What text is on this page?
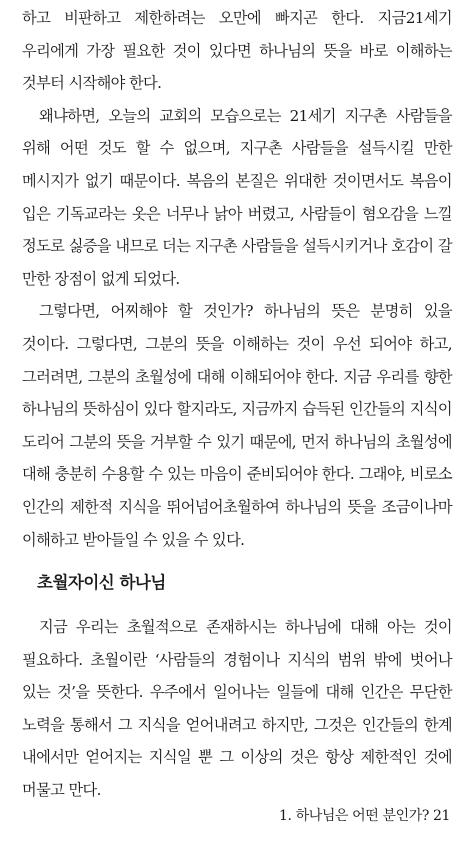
하고 비판하고 제한하려는 오만에 빠지곤 한다. 지금21세기 우리에게 가장 필요한 것이 있다면 하나님의 뜻을 바로 이해하는 것부터 시작해야 한다.

왜냐하면, 오늘의 교회의 모습으로는 21세기 지구촌 사람들을 위해 어떤 것도 할 수 없으며, 지구촌 사람들을 설득시킬 만한 메시지가 없기 때문이다. 복음의 본질은 위대한 것이면서도 복음이 입은 기독교라는 옷은 너무나 낡아 버렸고, 사람들이 혐오감을 느낄 정도로 싫증을 내므로 더는 지구촌 사람들을 설득시키거나 호감이 갈 만한 장점이 없게 되었다.

그렇다면, 어찌해야 할 것인가? 하나님의 뜻은 분명히 있을 것이다. 그렇다면, 그분의 뜻을 이해하는 것이 우선 되어야 하고, 그러려면, 그분의 초월성에 대해 이해되어야 한다. 지금 우리를 향한 하나님의 뜻하심이 있다 할지라도, 지금까지 습득된 인간들의 지식이 도리어 그분의 뜻을 거부할 수 있기 때문에, 먼저 하나님의 초월성에 대해 충분히 수용할 수 있는 마음이 준비되어야 한다. 그래야, 비로소 인간의 제한적 지식을 뛰어넘어초월하여 하나님의 뜻을 조금이나마 이해하고 받아들일 수 있을 수 있다.

초월자이신 하나님

지금 우리는 초월적으로 존재하시는 하나님에 대해 아는 것이 필요하다. 초월이란 ‘사람들의 경험이나 지식의 범위 밖에 벗어나 있는 것’을 뜻한다. 우주에서 일어나는 일들에 대해 인간은 무단한 노력을 통해서 그 지식을 얻어내려고 하지만, 그것은 인간들의 한계 내에서만 얻어지는 지식일 뿐 그 이상의 것은 항상 제한적인 것에 머물고 만다.

1. 하나님은 어떤 분인가? 21
